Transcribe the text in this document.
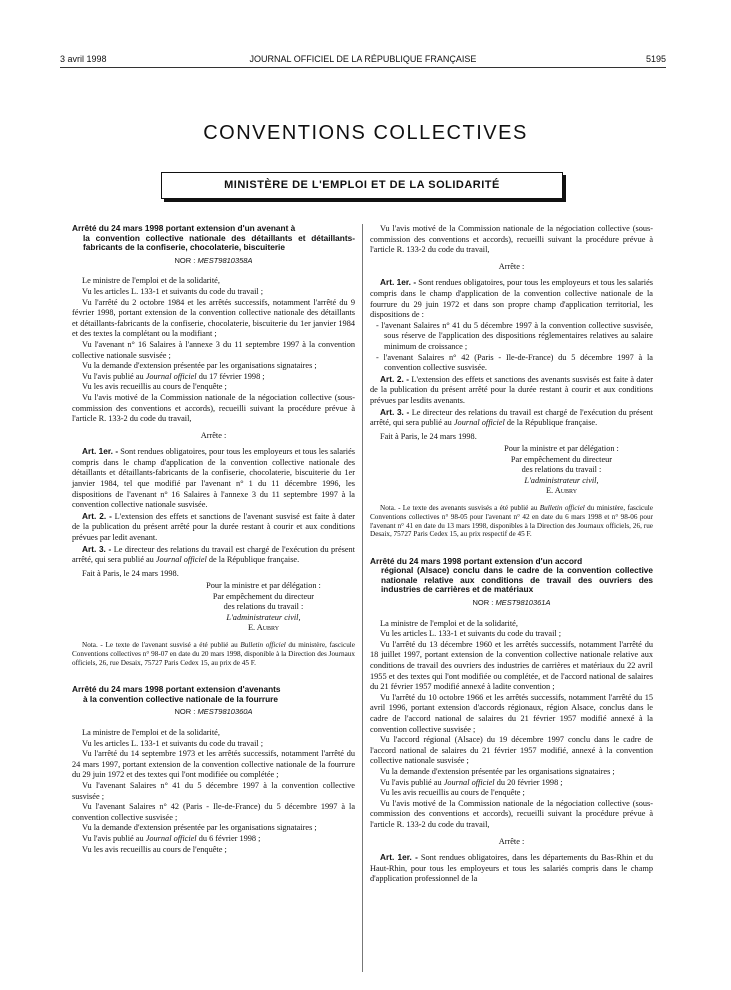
3 avril 1998	JOURNAL OFFICIEL DE LA RÉPUBLIQUE FRANÇAISE	5195
CONVENTIONS COLLECTIVES
MINISTÈRE DE L'EMPLOI ET DE LA SOLIDARITÉ
Arrêté du 24 mars 1998 portant extension d'un avenant à
la convention collective nationale des détaillants et détaillants-fabricants de la confiserie, chocolaterie, biscuiterie
NOR : MEST9810358A

Le ministre de l'emploi et de la solidarité,

Vu les articles L. 133-1 et suivants du code du travail ;

Vu l'arrêté du 2 octobre 1984 et les arrêtés successifs, notamment l'arrêté du 9 février 1998, portant extension de la convention collective nationale des détaillants et détaillants-fabricants de la confiserie, chocolaterie, biscuiterie du 1er janvier 1984 et des textes la complétant ou la modifiant ;

Vu l'avenant n° 16 Salaires à l'annexe 3 du 11 septembre 1997 à la convention collective nationale susvisée ;

Vu la demande d'extension présentée par les organisations signataires ;

Vu l'avis publié au Journal officiel du 17 février 1998 ;

Vu les avis recueillis au cours de l'enquête ;

Vu l'avis motivé de la Commission nationale de la négociation collective (sous-commission des conventions et accords), recueilli suivant la procédure prévue à l'article R. 133-2 du code du travail,

Arrête :

Art. 1er. - Sont rendues obligatoires, pour tous les employeurs et tous les salariés compris dans le champ d'application de la convention collective nationale des détaillants et détaillants-fabricants de la confiserie, chocolaterie, biscuiterie du 1er janvier 1984, tel que modifié par l'avenant n° 1 du 11 décembre 1996, les dispositions de l'avenant n° 16 Salaires à l'annexe 3 du 11 septembre 1997 à la convention collective nationale susvisée.

Art. 2. - L'extension des effets et sanctions de l'avenant susvisé est faite à dater de la publication du présent arrêté pour la durée restant à courir et aux conditions prévues par ledit avenant.

Art. 3. - Le directeur des relations du travail est chargé de l'exécution du présent arrêté, qui sera publié au Journal officiel de la République française.

Fait à Paris, le 24 mars 1998.

Pour la ministre et par délégation :
Par empêchement du directeur
des relations du travail :
L'administrateur civil,
E. Aubry
Nota. - Le texte de l'avenant susvisé a été publié au Bulletin officiel du ministère, fascicule Conventions collectives n° 98-07 en date du 20 mars 1998, disponible à la Direction des Journaux officiels, 26, rue Desaix, 75727 Paris Cedex 15, au prix de 45 F.
Arrêté du 24 mars 1998 portant extension d'avenants
à la convention collective nationale de la fourrure
NOR : MEST9810360A

La ministre de l'emploi et de la solidarité,

Vu les articles L. 133-1 et suivants du code du travail ;

Vu l'arrêté du 14 septembre 1973 et les arrêtés successifs, notamment l'arrêté du 24 mars 1997, portant extension de la convention collective nationale de la fourrure du 29 juin 1972 et des textes qui l'ont modifiée ou complétée ;

Vu l'avenant Salaires n° 41 du 5 décembre 1997 à la convention collective susvisée ;

Vu l'avenant Salaires n° 42 (Paris - Ile-de-France) du 5 décembre 1997 à la convention collective susvisée ;

Vu la demande d'extension présentée par les organisations signataires ;

Vu l'avis publié au Journal officiel du 6 février 1998 ;

Vu les avis recueillis au cours de l'enquête ;

Vu l'avis motivé de la Commission nationale de la négociation collective (sous-commission des conventions et accords), recueilli suivant la procédure prévue à l'article R. 133-2 du code du travail,

Arrête :

Art. 1er. - Sont rendues obligatoires, pour tous les employeurs et tous les salariés compris dans le champ d'application de la convention collective nationale de la fourrure du 29 juin 1972 et dans son propre champ d'application territorial, les dispositions de :

- l'avenant Salaires n° 41 du 5 décembre 1997 à la convention collective susvisée, sous réserve de l'application des dispositions réglementaires relatives au salaire minimum de croissance ;

- l'avenant Salaires n° 42 (Paris - Ile-de-France) du 5 décembre 1997 à la convention collective susvisée.

Art. 2. - L'extension des effets et sanctions des avenants susvisés est faite à dater de la publication du présent arrêté pour la durée restant à courir et aux conditions prévues par lesdits avenants.

Art. 3. - Le directeur des relations du travail est chargé de l'exécution du présent arrêté, qui sera publié au Journal officiel de la République française.

Fait à Paris, le 24 mars 1998.

Pour la ministre et par délégation :
Par empêchement du directeur
des relations du travail :
L'administrateur civil,
E. Aubry
Nota. - Le texte des avenants susvisés a été publié au Bulletin officiel du ministère, fascicule Conventions collectives n° 98-05 pour l'avenant n° 42 en date du 6 mars 1998 et n° 98-06 pour l'avenant n° 41 en date du 13 mars 1998, disponibles à la Direction des Journaux officiels, 26, rue Desaix, 75727 Paris Cedex 15, au prix respectif de 45 F.
Arrêté du 24 mars 1998 portant extension d'un accord
régional (Alsace) conclu dans le cadre de la convention collective nationale relative aux conditions de travail des ouvriers des industries de carrières et de matériaux
NOR : MEST9810361A

La ministre de l'emploi et de la solidarité,

Vu les articles L. 133-1 et suivants du code du travail ;

Vu l'arrêté du 13 décembre 1960 et les arrêtés successifs, notamment l'arrêté du 18 juillet 1997, portant extension de la convention collective nationale relative aux conditions de travail des ouvriers des industries de carrières et matériaux du 22 avril 1955 et des textes qui l'ont modifiée ou complétée, et de l'accord national de salaires du 21 février 1957 modifié annexé à ladite convention ;

Vu l'arrêté du 10 octobre 1966 et les arrêtés successifs, notamment l'arrêté du 15 avril 1996, portant extension d'accords régionaux, région Alsace, conclus dans le cadre de l'accord national de salaires du 21 février 1957 modifié annexé à la convention collective susvisée ;

Vu l'accord régional (Alsace) du 19 décembre 1997 conclu dans le cadre de l'accord national de salaires du 21 février 1957 modifié, annexé à la convention collective nationale susvisée ;

Vu la demande d'extension présentée par les organisations signataires ;

Vu l'avis publié au Journal officiel du 20 février 1998 ;

Vu les avis recueillis au cours de l'enquête ;

Vu l'avis motivé de la Commission nationale de la négociation collective (sous-commission des conventions et accords), recueilli suivant la procédure prévue à l'article R. 133-2 du code du travail,

Arrête :

Art. 1er. - Sont rendues obligatoires, dans les départements du Bas-Rhin et du Haut-Rhin, pour tous les employeurs et tous les salariés compris dans le champ d'application professionnel de la
